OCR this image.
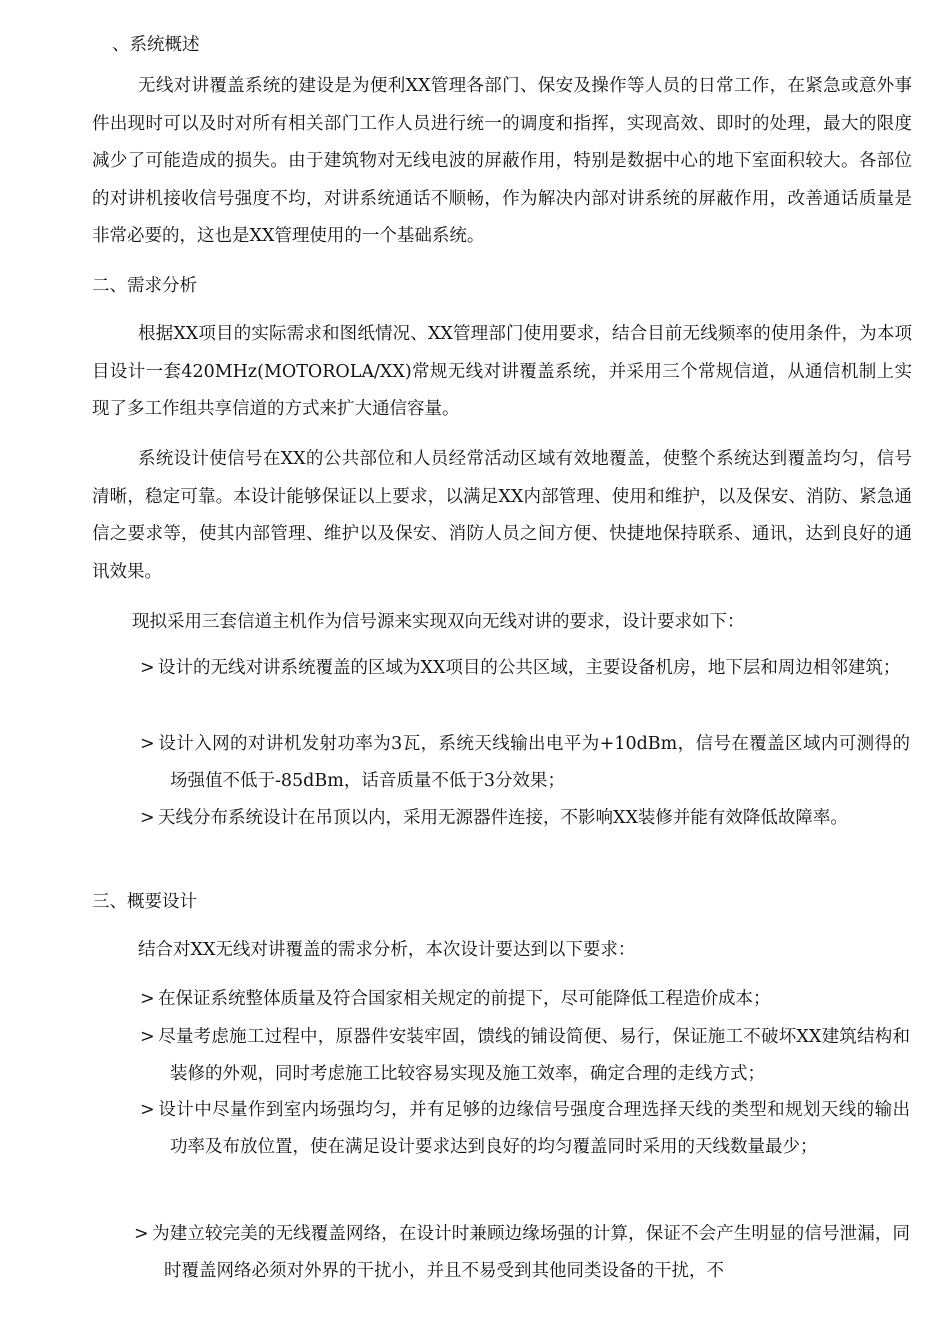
、系统概述

无线对讲覆盖系统的建设是为便利XX管理各部门、保安及操作等人员的日常工作，在紧急或意外事件出现时可以及时对所有相关部门工作人员进行统一的调度和指挥，实现高效、即时的处理，最大的限度减少了可能造成的损失。由于建筑物对无线电波的屏蔽作用，特别是数据中心的地下室面积较大。各部位的对讲机接收信号强度不均，对讲系统通话不顺畅，作为解决内部对讲系统的屏蔽作用，改善通话质量是非常必要的，这也是XX管理使用的一个基础系统。

二、需求分析

根据XX项目的实际需求和图纸情况、XX管理部门使用要求，结合目前无线频率的使用条件，为本项目设计一套420MHz(MOTOROLA/XX)常规无线对讲覆盖系统，并采用三个常规信道，从通信机制上实现了多工作组共享信道的方式来扩大通信容量。

系统设计使信号在XX的公共部位和人员经常活动区域有效地覆盖，使整个系统达到覆盖均匀，信号清晰，稳定可靠。本设计能够保证以上要求，以满足XX内部管理、使用和维护，以及保安、消防、紧急通信之要求等，使其内部管理、维护以及保安、消防人员之间方便、快捷地保持联系、通讯，达到良好的通讯效果。

现拟采用三套信道主机作为信号源来实现双向无线对讲的要求，设计要求如下：

> 设计的无线对讲系统覆盖的区域为XX项目的公共区域，主要设备机房，地下层和周边相邻建筑；
> 设计入网的对讲机发射功率为3瓦，系统天线输出电平为+10dBm，信号在覆盖区域内可测得的场强值不低于-85dBm，话音质量不低于3分效果；
> 天线分布系统设计在吊顶以内，采用无源器件连接，不影响XX装修并能有效降低故障率。
三、概要设计

结合对XX无线对讲覆盖的需求分析，本次设计要达到以下要求：

> 在保证系统整体质量及符合国家相关规定的前提下，尽可能降低工程造价成本；
> 尽量考虑施工过程中，原器件安装牢固，馈线的铺设简便、易行，保证施工不破坏XX建筑结构和装修的外观，同时考虑施工比较容易实现及施工效率，确定合理的走线方式；
> 设计中尽量作到室内场强均匀，并有足够的边缘信号强度合理选择天线的类型和规划天线的输出功率及布放位置，使在满足设计要求达到良好的均匀覆盖同时采用的天线数量最少；
> 为建立较完美的无线覆盖网络，在设计时兼顾边缘场强的计算，保证不会产生明显的信号泄漏，同时覆盖网络必须对外界的干扰小，并且不易受到其他同类设备的干扰，不
